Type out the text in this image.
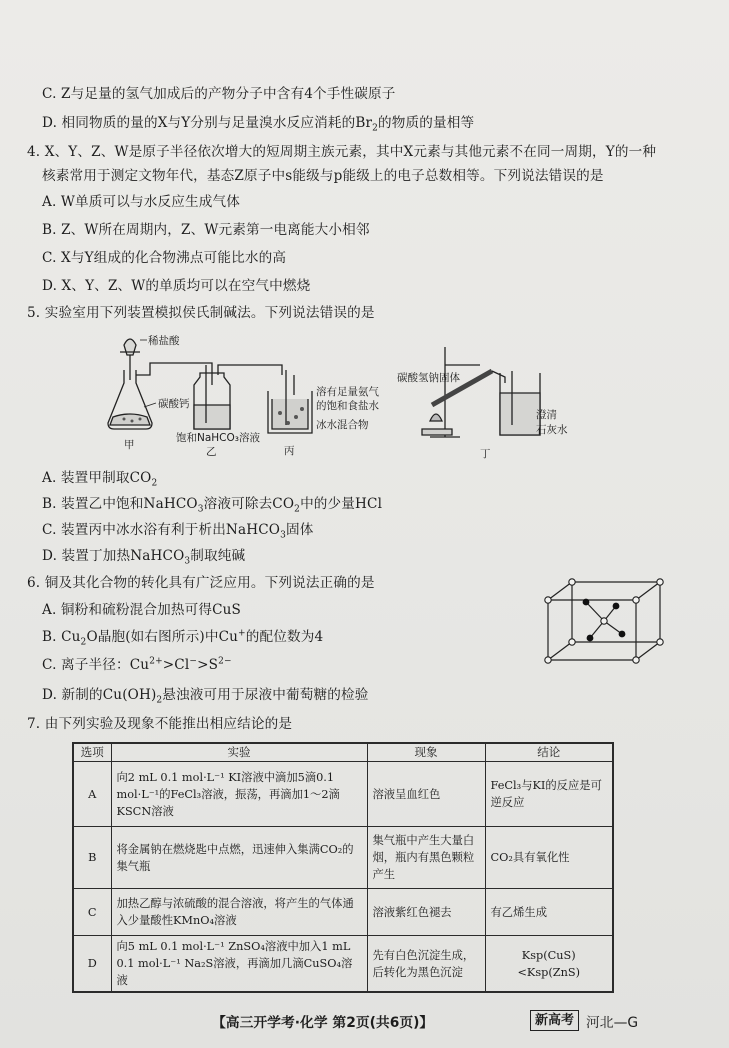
C. Z与足量的氢气加成后的产物分子中含有4个手性碳原子
D. 相同物质的量的X与Y分别与足量溴水反应消耗的$Br_2$的物质的量相等
4. X、Y、Z、W是原子半径依次增大的短周期主族元素，其中X元素与其他元素不在同一周期，Y的一种
核素常用于测定文物年代，基态Z原子中s能级与p能级上的电子总数相等。下列说法错误的是
A. W单质可以与水反应生成气体
B. Z、W所在周期内，Z、W元素第一电离能大小相邻
C. X与Y组成的化合物沸点可能比水的高
D. X、Y、Z、W的单质均可以在空气中燃烧
5. 实验室用下列装置模拟侯氏制碱法。下列说法错误的是
稀盐酸
碳酸钙
甲
饱和NaHCO₃溶液
乙	丙
溶有足量氨气
的饱和食盐水
冰水混合物
碳酸氢钠固体
澄清
石灰水
丁
A. 装置甲制取$CO_2$
B. 装置乙中饱和NaHCO$_3$溶液可除去$CO_2$中的少量HCl
C. 装置丙中冰水浴有利于析出NaHCO$_3$固体
D. 装置丁加热NaHCO$_3$制取纯碱
6. 铜及其化合物的转化具有广泛应用。下列说法正确的是
A. 铜粉和硫粉混合加热可得CuS
B. $Cu_2O$晶胞(如右图所示)中Cu+的配位数为4
C. 离子半径：$Cu^{2+}>Cl^->S^{2-}$
D. 新制的$Cu(OH)_2$悬浊液可用于尿液中葡萄糖的检验
7. 由下列实验及现象不能推出相应结论的是
选项	实验	现象	结论
A	向2 mL 0.1 mol·L⁻¹ KI溶液中滴加5滴0.1 mol·L⁻¹的FeCl₃溶液，振荡，再滴加1～2滴KSCN溶液	溶液呈血红色	FeCl₃与KI的反应是可逆反应
B	将金属钠在燃烧匙中点燃，迅速伸入集满CO₂的集气瓶	集气瓶中产生大量白烟，瓶内有黑色颗粒产生	CO₂具有氧化性
C	加热乙醇与浓硫酸的混合溶液，将产生的气体通入少量酸性KMnO₄溶液	溶液紫红色褪去	有乙烯生成
D	向5 mL 0.1 mol·L⁻¹ ZnSO₄溶液中加入1 mL 0.1 mol·L⁻¹ Na₂S溶液，再滴加几滴CuSO₄溶液	先有白色沉淀生成，后转化为黑色沉淀	Ksp(CuS)<Ksp(ZnS)
【高三开学考·化学 第2页(共6页)】	新高考 河北—G
